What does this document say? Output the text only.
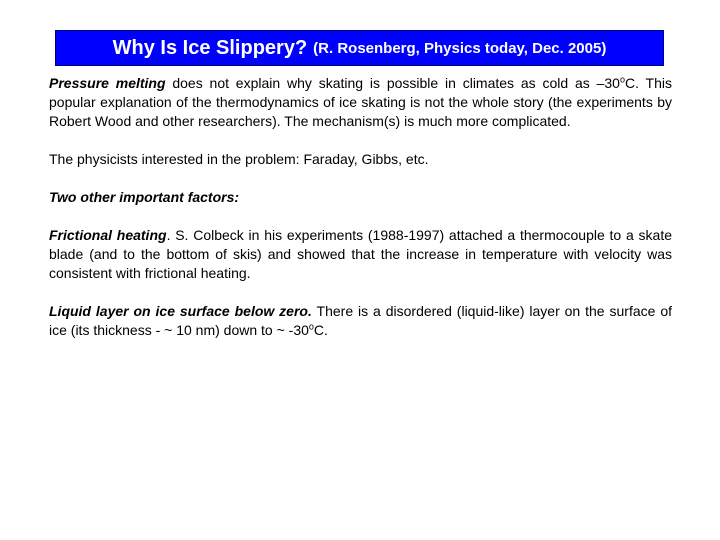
Why Is Ice Slippery? (R. Rosenberg, Physics today, Dec. 2005)

Pressure melting does not explain why skating is possible in climates as cold as –30$^o$C. This popular explanation of the thermodynamics of ice skating is not the whole story (the experiments by Robert Wood and other researchers). The mechanism(s) is much more complicated.

The physicists interested in the problem: Faraday, Gibbs, etc.

Two other important factors:

Frictional heating. S. Colbeck in his experiments (1988-1997) attached a thermocouple to a skate blade (and to the bottom of skis) and showed that the increase in temperature with velocity was consistent with frictional heating.

Liquid layer on ice surface below zero. There is a disordered (liquid-like) layer on the surface of ice (its thickness - ~ 10 nm) down to ~ -30$^o$C.
